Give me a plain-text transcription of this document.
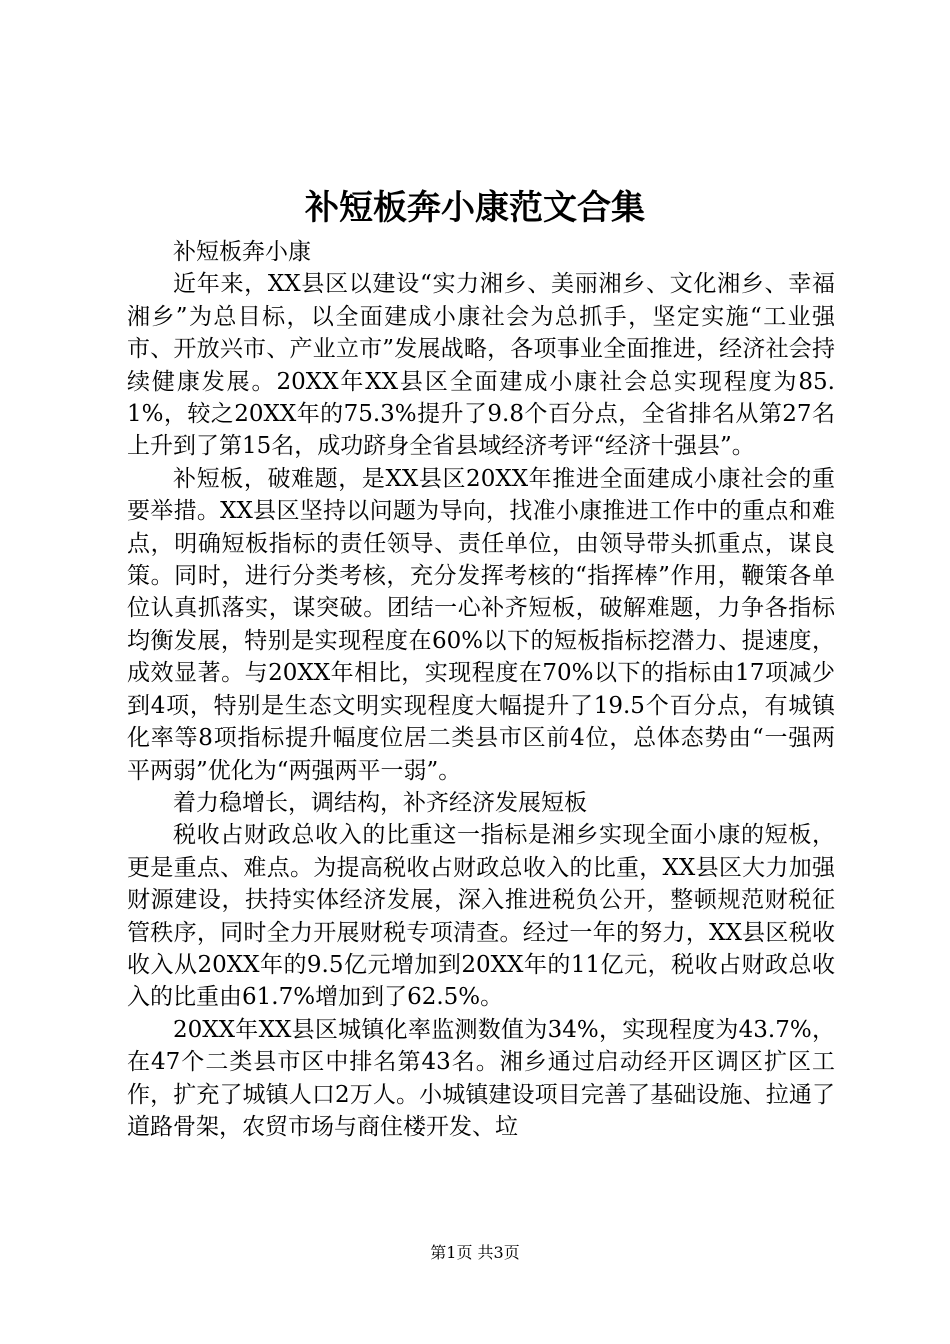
补短板奔小康范文合集

补短板奔小康

近年来，XX县区以建设“实力湘乡、美丽湘乡、文化湘乡、幸福湘乡”为总目标，以全面建成小康社会为总抓手，坚定实施“工业强市、开放兴市、产业立市”发展战略，各项事业全面推进，经济社会持续健康发展。20XX年XX县区全面建成小康社会总实现程度为85.1%，较之20XX年的75.3%提升了9.8个百分点，全省排名从第27名上升到了第15名，成功跻身全省县域经济考评“经济十强县”。

补短板，破难题，是XX县区20XX年推进全面建成小康社会的重要举措。XX县区坚持以问题为导向，找准小康推进工作中的重点和难点，明确短板指标的责任领导、责任单位，由领导带头抓重点，谋良策。同时，进行分类考核，充分发挥考核的“指挥棒”作用，鞭策各单位认真抓落实，谋突破。团结一心补齐短板，破解难题，力争各指标均衡发展，特别是实现程度在60%以下的短板指标挖潜力、提速度，成效显著。与20XX年相比，实现程度在70%以下的指标由17项减少到4项，特别是生态文明实现程度大幅提升了19.5个百分点，有城镇化率等8项指标提升幅度位居二类县市区前4位，总体态势由“一强两平两弱”优化为“两强两平一弱”。

着力稳增长，调结构，补齐经济发展短板

税收占财政总收入的比重这一指标是湘乡实现全面小康的短板，更是重点、难点。为提高税收占财政总收入的比重，XX县区大力加强财源建设，扶持实体经济发展，深入推进税负公开，整顿规范财税征管秩序，同时全力开展财税专项清查。经过一年的努力，XX县区税收收入从20XX年的9.5亿元增加到20XX年的11亿元，税收占财政总收入的比重由61.7%增加到了62.5%。

20XX年XX县区城镇化率监测数值为34%，实现程度为43.7%，在47个二类县市区中排名第43名。湘乡通过启动经开区调区扩区工作，扩充了城镇人口2万人。小城镇建设项目完善了基础设施、拉通了道路骨架，农贸市场与商住楼开发、垃

第1页 共3页
